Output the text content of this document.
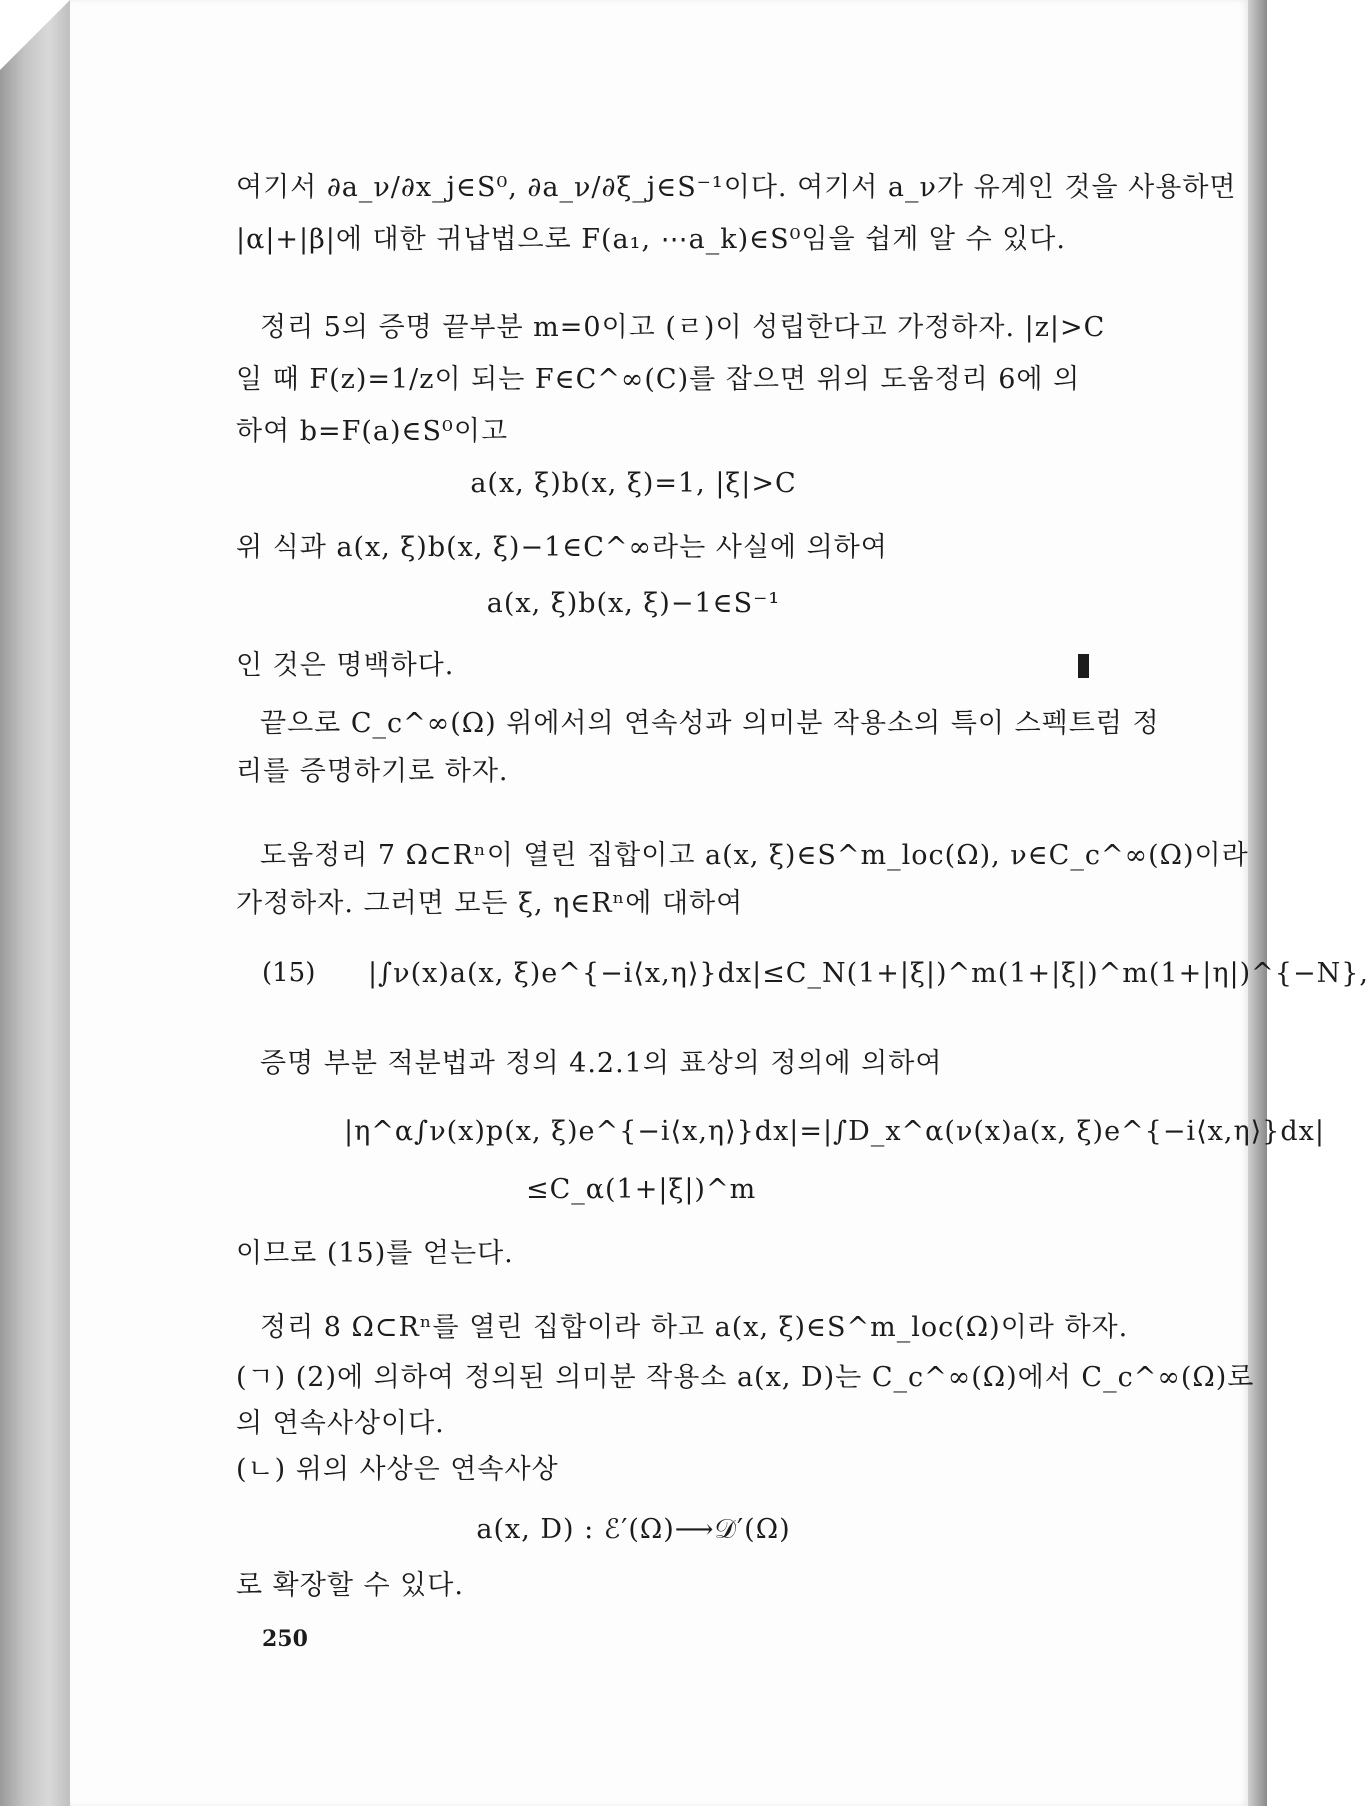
여기서 ∂a_ν/∂x_j∈S⁰, ∂a_ν/∂ξ_j∈S⁻¹이다. 여기서 a_ν가 유계인 것을 사용하면
|α|+|β|에 대한 귀납법으로 F(a₁, ⋯a_k)∈S⁰임을 쉽게 알 수 있다.
정리 5의 증명 끝부분 m=0이고 (ㄹ)이 성립한다고 가정하자. |z|>C
일 때 F(z)=1/z이 되는 F∈C^∞(C)를 잡으면 위의 도움정리 6에 의
하여 b=F(a)∈S⁰이고
a(x, ξ)b(x, ξ)=1, |ξ|>C
위 식과 a(x, ξ)b(x, ξ)−1∈C^∞라는 사실에 의하여
a(x, ξ)b(x, ξ)−1∈S⁻¹
인 것은 명백하다.
끝으로 C_c^∞(Ω) 위에서의 연속성과 의미분 작용소의 특이 스펙트럼 정
리를 증명하기로 하자.
도움정리 7 Ω⊂Rⁿ이 열린 집합이고 a(x, ξ)∈S^m_loc(Ω), ν∈C_c^∞(Ω)이라
가정하자. 그러면 모든 ξ, η∈Rⁿ에 대하여
(15) |∫ν(x)a(x, ξ)e^{−i⟨x,η⟩}dx|≤C_N(1+|ξ|)^m(1+|ξ|)^m(1+|η|)^{−N},
증명 부분 적분법과 정의 4.2.1의 표상의 정의에 의하여
|η^α∫ν(x)p(x, ξ)e^{−i⟨x,η⟩}dx|=|∫D_x^α(ν(x)a(x, ξ)e^{−i⟨x,η⟩}dx|
≤C_α(1+|ξ|)^m
이므로 (15)를 얻는다.
정리 8 Ω⊂Rⁿ를 열린 집합이라 하고 a(x, ξ)∈S^m_loc(Ω)이라 하자.
(ㄱ) (2)에 의하여 정의된 의미분 작용소 a(x, D)는 C_c^∞(Ω)에서 C_c^∞(Ω)로
의 연속사상이다.
(ㄴ) 위의 사상은 연속사상
a(x, D) : ℰ′(Ω)⟶𝒟′(Ω)
로 확장할 수 있다.
250
